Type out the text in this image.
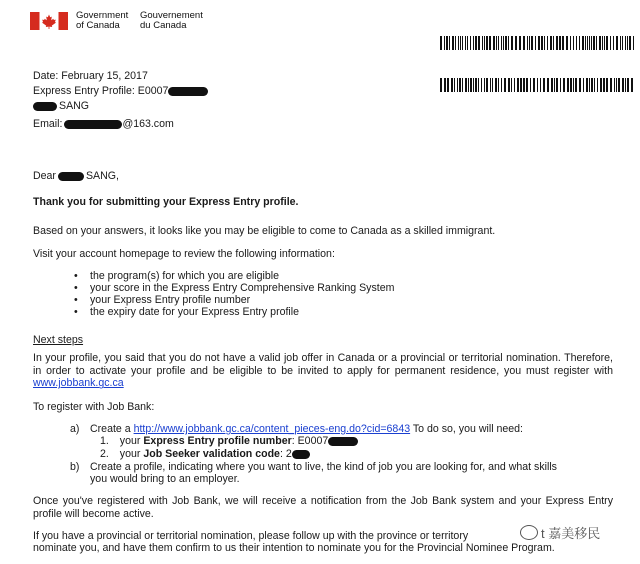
Government
of Canada
Gouvernement
du Canada
Date: February 15, 2017
Express Entry Profile: E0007
SANG
Email:	@163.com
Dear	SANG,
Thank you for submitting your Express Entry profile.
Based on your answers, it looks like you may be eligible to come to Canada as a skilled immigrant.
Visit your account homepage to review the following information:
• the program(s) for which you are eligible
• your score in the Express Entry Comprehensive Ranking System
• your Express Entry profile number
• the expiry date for your Express Entry profile
Next steps
In your profile, you said that you do not have a valid job offer in Canada or a provincial or territorial nomination. Therefore, in order to activate your profile and be eligible to be invited to apply for permanent residence, you must register with www.jobbank.gc.ca
To register with Job Bank:
a) Create a http://www.jobbank.gc.ca/content_pieces-eng.do?cid=6843 To do so, you will need:
1. your Express Entry profile number: E0007
2. your Job Seeker validation code: 2
b) Create a profile, indicating where you want to live, the kind of job you are looking for, and what skills
you would bring to an employer.
Once you've registered with Job Bank, we will receive a notification from the Job Bank system and your Express Entry profile will become active.
If you have a provincial or territorial nomination, please follow up with the province or territory
nominate you, and have them confirm to us their intention to nominate you for the Provincial Nominee Program.
t 嘉美移民
